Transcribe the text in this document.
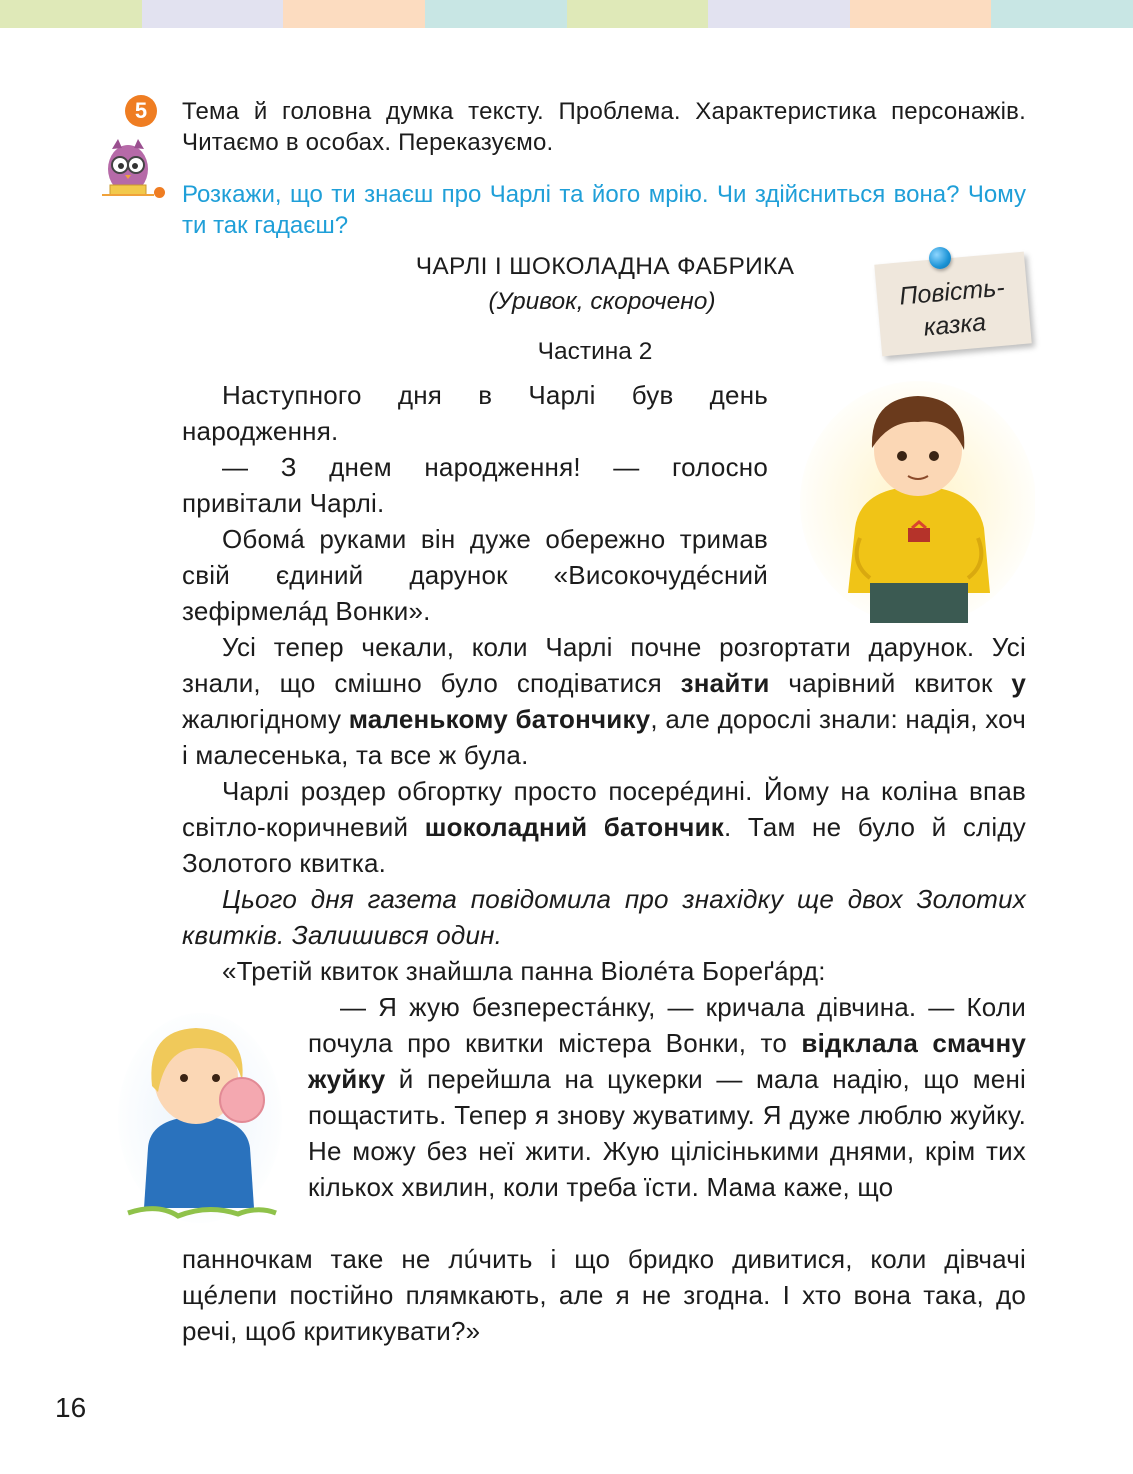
5	Тема й головна думка тексту. Проблема. Характеристика персонажів. Читаємо в особах. Переказуємо.
Розкажи, що ти знаєш про Чарлі та його мрію. Чи здійсниться вона? Чому ти так гадаєш?
ЧАРЛІ І ШОКОЛАДНА ФАБРИКА
(Уривок, скорочено)
Частина 2
Повість-казка

Наступного дня в Чарлі був день народження.

— З днем народження! — голосно привітали Чарлі.

Обомá руками він дуже обережно тримав свій єдиний дарунок «Високочудéсний зефірмелáд Вонки».

Усі тепер чекали, коли Чарлі почне розгортати дарунок. Усі знали, що смішно було сподіватися знайти чарівний квиток у жалюгідному маленькому батончику, але дорослі знали: надія, хоч і малесенька, та все ж була.

Чарлі роздер обгортку просто посерéдині. Йому на коліна впав світло-коричневий шоколадний батончик. Там не було й сліду Золотого квитка.

Цього дня газета повідомила про знахідку ще двох Золотих квитків. Залишився один.

«Третій квиток знайшла панна Віолéта Бореґáрд:

— Я жую безперестáнку, — кричала дівчина. — Коли почула про квитки містера Вонки, то відклала смачну жуйку й перейшла на цукерки — мала надію, що мені пощастить. Тепер я знову жуватиму. Я дуже люблю жуйку. Не можу без неї жити. Жую цілісінькими днями, крім тих кількох хвилин, коли треба їсти. Мама каже, що

панночкам таке не лúчить і що бридко дивитися, коли дівчачі щéлепи постійно плямкають, але я не згодна. І хто вона така, до речі, щоб критикувати?»

16
